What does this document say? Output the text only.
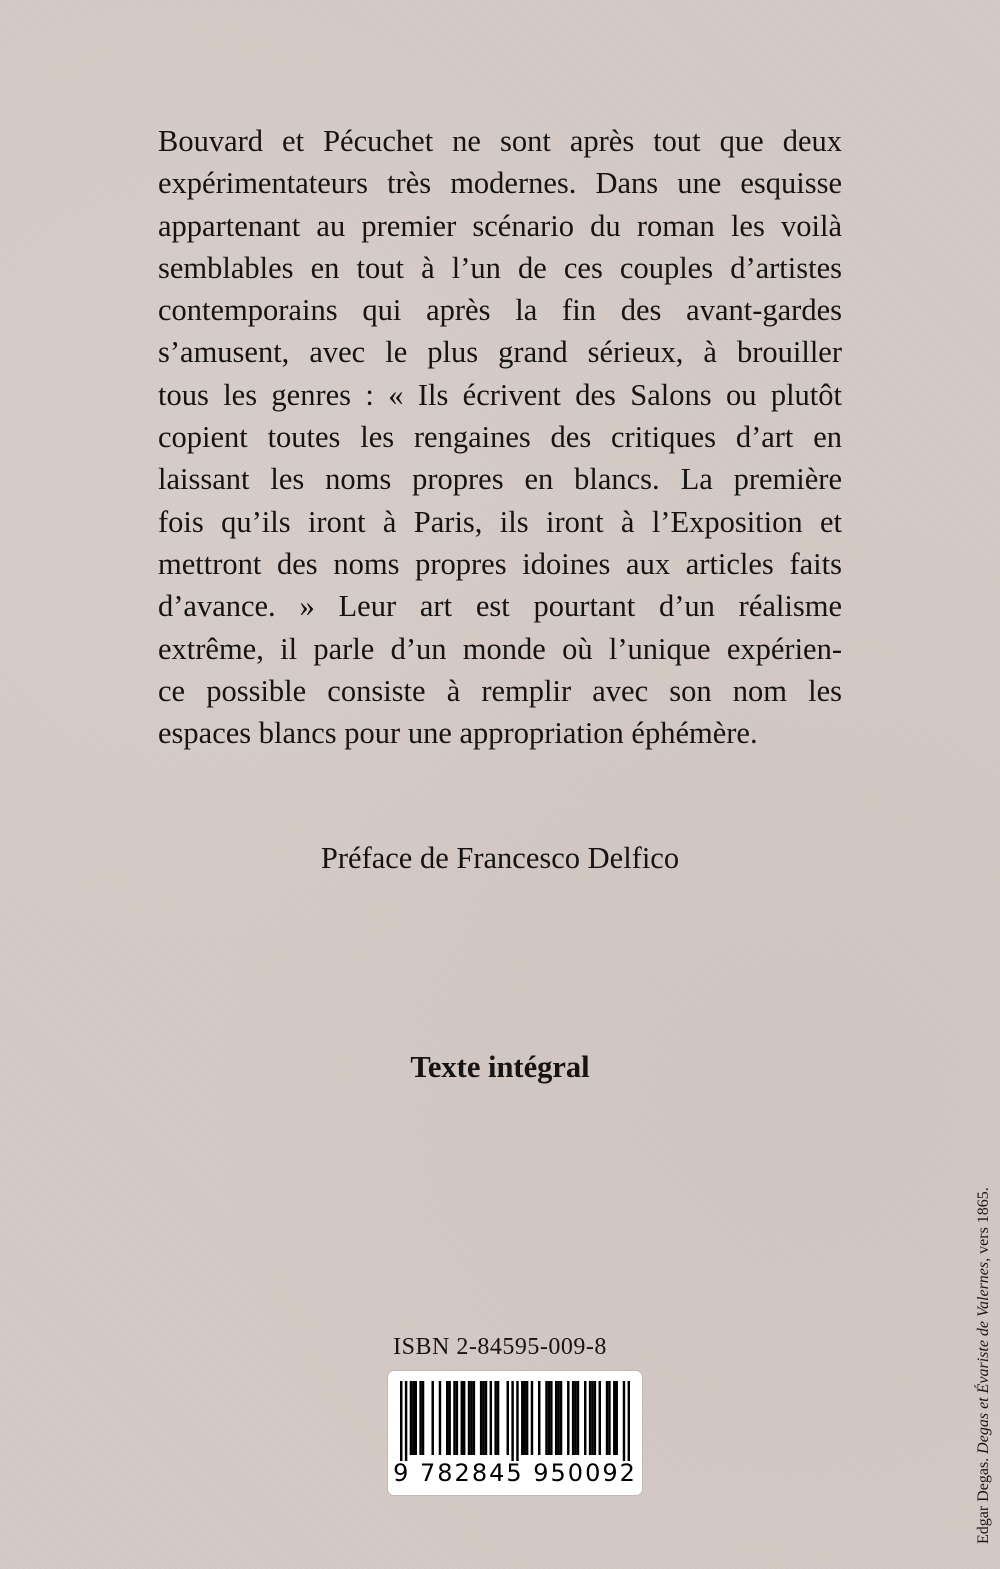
Bouvard et Pécuchet ne sont après tout que deux
expérimentateurs très modernes. Dans une esquisse
appartenant au premier scénario du roman les voilà
semblables en tout à l’un de ces couples d’artistes
contemporains qui après la fin des avant-gardes
s’amusent, avec le plus grand sérieux, à brouiller
tous les genres : « Ils écrivent des Salons ou plutôt
copient toutes les rengaines des critiques d’art en
laissant les noms propres en blancs. La première
fois qu’ils iront à Paris, ils iront à l’Exposition et
mettront des noms propres idoines aux articles faits
d’avance. » Leur art est pourtant d’un réalisme
extrême, il parle d’un monde où l’unique expérien-
ce possible consiste à remplir avec son nom les
espaces blancs pour une appropriation éphémère.

Préface de Francesco Delfico

Texte intégral

ISBN 2-84595-009-8

9 782845 950092	Edgar Degas. Degas et Évariste de Valernes, vers 1865.
